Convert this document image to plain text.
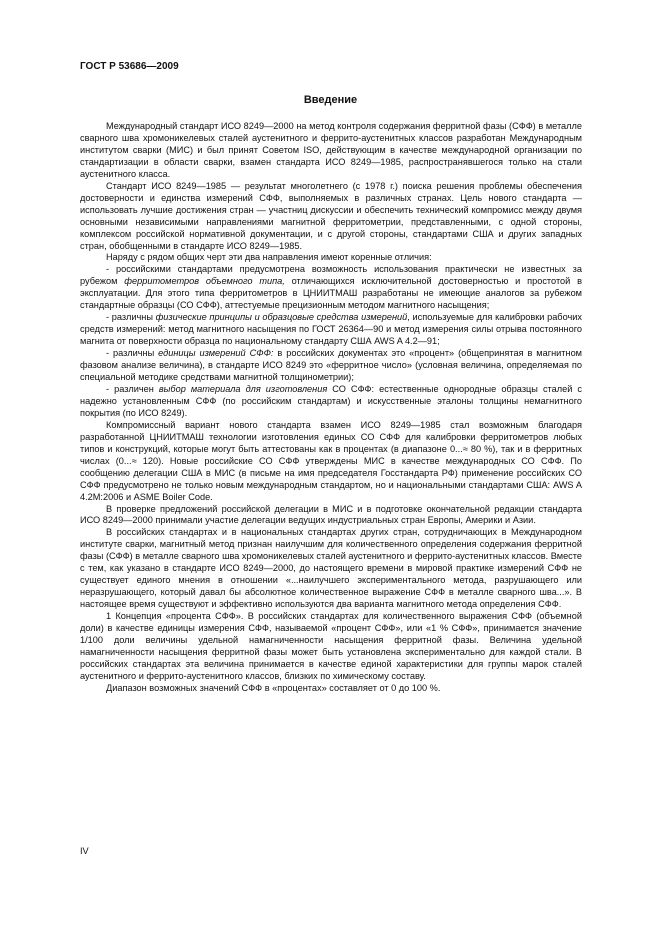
ГОСТ Р 53686—2009

Введение

Международный стандарт ИСО 8249—2000 на метод контроля содержания ферритной фазы (СФФ) в металле сварного шва хромоникелевых сталей аустенитного и феррито-аустенитных классов разработан Международным институтом сварки (МИС) и был принят Советом ISO, действующим в качестве международной организации по стандартизации в области сварки, взамен стандарта ИСО 8249—1985, распространявшегося только на стали аустенитного класса.

Стандарт ИСО 8249—1985 — результат многолетнего (с 1978 г.) поиска решения проблемы обеспечения достоверности и единства измерений СФФ, выполняемых в различных странах. Цель нового стандарта — использовать лучшие достижения стран — участниц дискуссии и обеспечить технический компромисс между двумя основными независимыми направлениями магнитной ферритометрии, представленными, с одной стороны, комплексом российской нормативной документации, и с другой стороны, стандартами США и других западных стран, обобщенными в стандарте ИСО 8249—1985.

Наряду с рядом общих черт эти два направления имеют коренные отличия:

- российскими стандартами предусмотрена возможность использования практически не известных за рубежом ферритометров объемного типа, отличающихся исключительной достоверностью и простотой в эксплуатации. Для этого типа ферритометров в ЦНИИТМАШ разработаны не имеющие аналогов за рубежом стандартные образцы (СО СФФ), аттестуемые прецизионным методом магнитного насыщения;

- различны физические принципы и образцовые средства измерений, используемые для калибровки рабочих средств измерений: метод магнитного насыщения по ГОСТ 26364—90 и метод измерения силы отрыва постоянного магнита от поверхности образца по национальному стандарту США AWS A 4.2—91;

- различны единицы измерений СФФ: в российских документах это «процент» (общепринятая в магнитном фазовом анализе величина), в стандарте ИСО 8249 это «ферритное число» (условная величина, определяемая по специальной методике средствами магнитной толщинометрии);

- различен выбор материала для изготовления СО СФФ: естественные однородные образцы сталей с надежно установленным СФФ (по российским стандартам) и искусственные эталоны толщины немагнитного покрытия (по ИСО 8249).

Компромиссный вариант нового стандарта взамен ИСО 8249—1985 стал возможным благодаря разработанной ЦНИИТМАШ технологии изготовления единых СО СФФ для калибровки ферритометров любых типов и конструкций, которые могут быть аттестованы как в процентах (в диапазоне 0...≈ 80 %), так и в ферритных числах (0...≈ 120). Новые российские СО СФФ утверждены МИС в качестве международных СО СФФ. По сообщению делегации США в МИС (в письме на имя председателя Госстандарта РФ) применение российских СО СФФ предусмотрено не только новым международным стандартом, но и национальными стандартами США: AWS A 4.2M:2006 и ASME Boiler Code.

В проверке предложений российской делегации в МИС и в подготовке окончательной редакции стандарта ИСО 8249—2000 принимали участие делегации ведущих индустриальных стран Европы, Америки и Азии.

В российских стандартах и в национальных стандартах других стран, сотрудничающих в Международном институте сварки, магнитный метод признан наилучшим для количественного определения содержания ферритной фазы (СФФ) в металле сварного шва хромоникелевых сталей аустенитного и феррито-аустенитных классов. Вместе с тем, как указано в стандарте ИСО 8249—2000, до настоящего времени в мировой практике измерений СФФ не существует единого мнения в отношении «...наилучшего экспериментального метода, разрушающего или неразрушающего, который давал бы абсолютное количественное выражение СФФ в металле сварного шва...». В настоящее время существуют и эффективно используются два варианта магнитного метода определения СФФ.

1 Концепция «процента СФФ». В российских стандартах для количественного выражения СФФ (объемной доли) в качестве единицы измерения СФФ, называемой «процент СФФ», или «1 % СФФ», принимается значение 1/100 доли величины удельной намагниченности насыщения ферритной фазы. Величина удельной намагниченности насыщения ферритной фазы может быть установлена экспериментально для каждой стали. В российских стандартах эта величина принимается в качестве единой характеристики для группы марок сталей аустенитного и феррито-аустенитного классов, близких по химическому составу.

Диапазон возможных значений СФФ в «процентах» составляет от 0 до 100 %.

IV
